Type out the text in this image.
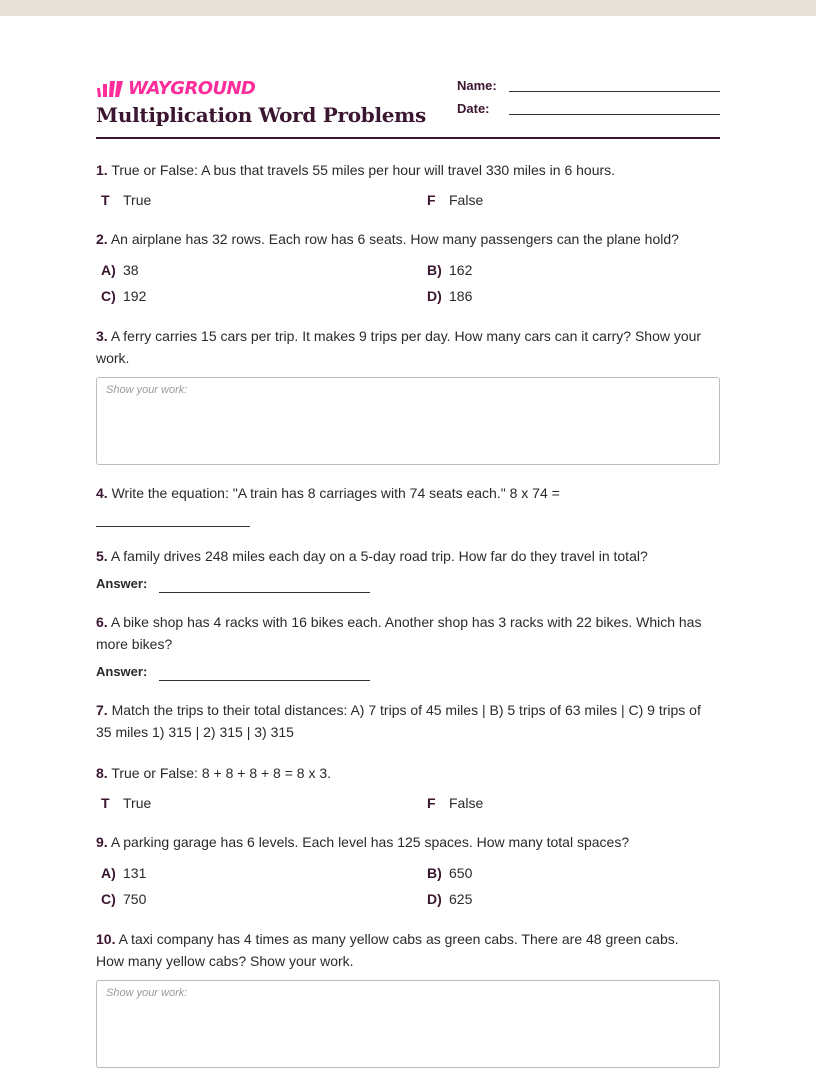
WAYGROUND
Multiplication Word Problems
Name:
Date:
1. True or False: A bus that travels 55 miles per hour will travel 330 miles in 6 hours.
T True	F False
2. An airplane has 32 rows. Each row has 6 seats. How many passengers can the plane hold?
A) 38	B) 162
C) 192	D) 186
3. A ferry carries 15 cars per trip. It makes 9 trips per day. How many cars can it carry? Show your work.
Show your work:
4. Write the equation: "A train has 8 carriages with 74 seats each." 8 x 74 =
5. A family drives 248 miles each day on a 5-day road trip. How far do they travel in total?
Answer:
6. A bike shop has 4 racks with 16 bikes each. Another shop has 3 racks with 22 bikes. Which has more bikes?
Answer:
7. Match the trips to their total distances: A) 7 trips of 45 miles | B) 5 trips of 63 miles | C) 9 trips of 35 miles 1) 315 | 2) 315 | 3) 315
8. True or False: 8 + 8 + 8 + 8 = 8 x 3.
T True	F False
9. A parking garage has 6 levels. Each level has 125 spaces. How many total spaces?
A) 131	B) 650
C) 750	D) 625
10. A taxi company has 4 times as many yellow cabs as green cabs. There are 48 green cabs. How many yellow cabs? Show your work.
Show your work:
